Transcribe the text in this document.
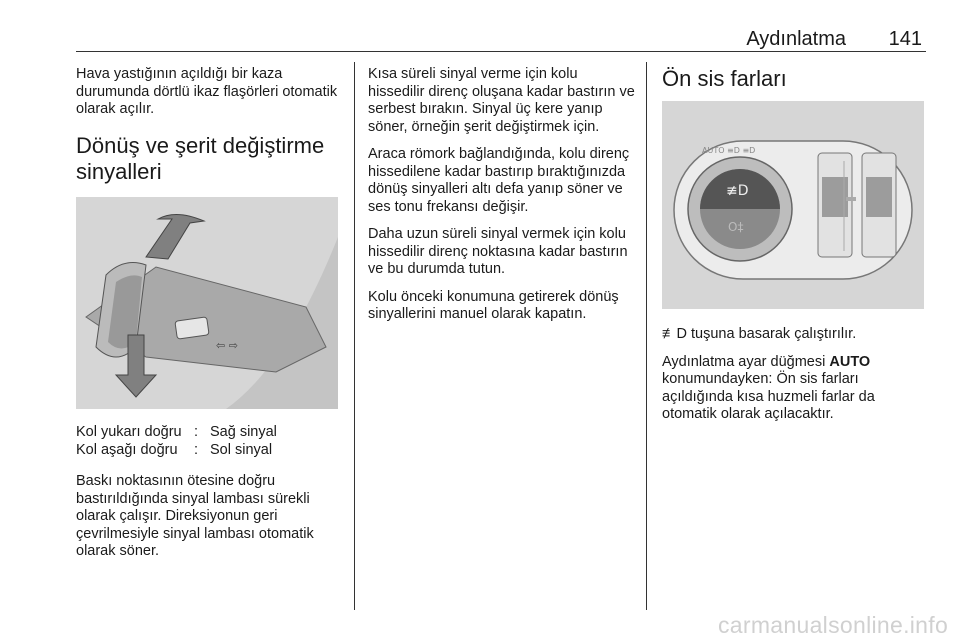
Aydınlatma 141

Hava yastığının açıldığı bir kaza durumunda dörtlü ikaz flaşörleri otomatik olarak açılır.

Dönüş ve şerit değiştirme sinyalleri
⇦ ⇨
Kol yukarı doğru : Sağ sinyal
Kol aşağı doğru	: Sol sinyal

Baskı noktasının ötesine doğru bastırıldığında sinyal lambası sürekli olarak çalışır. Direksiyonun geri çevrilmesiyle sinyal lambası otomatik olarak söner.

Kısa süreli sinyal verme için kolu hissedilir direnç oluşana kadar bastırın ve serbest bırakın. Sinyal üç kere yanıp söner, örneğin şerit değiştirmek için.

Araca römork bağlandığında, kolu direnç hissedilene kadar bastırıp bıraktığınızda dönüş sinyalleri altı defa yanıp söner ve ses tonu frekansı değişir.

Daha uzun süreli sinyal vermek için kolu hissedilir direnç noktasına kadar bastırın ve bu durumda tutun.

Kolu önceki konumuna getirerek dönüş sinyallerini manuel olarak kapatın.

Ön sis farları
≢D
O‡
AUTO ≡D ≡D

≢D tuşuna basarak çalıştırılır.

Aydınlatma ayar düğmesi AUTO konumundayken: Ön sis farları açıldığında kısa huzmeli farlar da otomatik olarak açılacaktır.

carmanualsonline.info
